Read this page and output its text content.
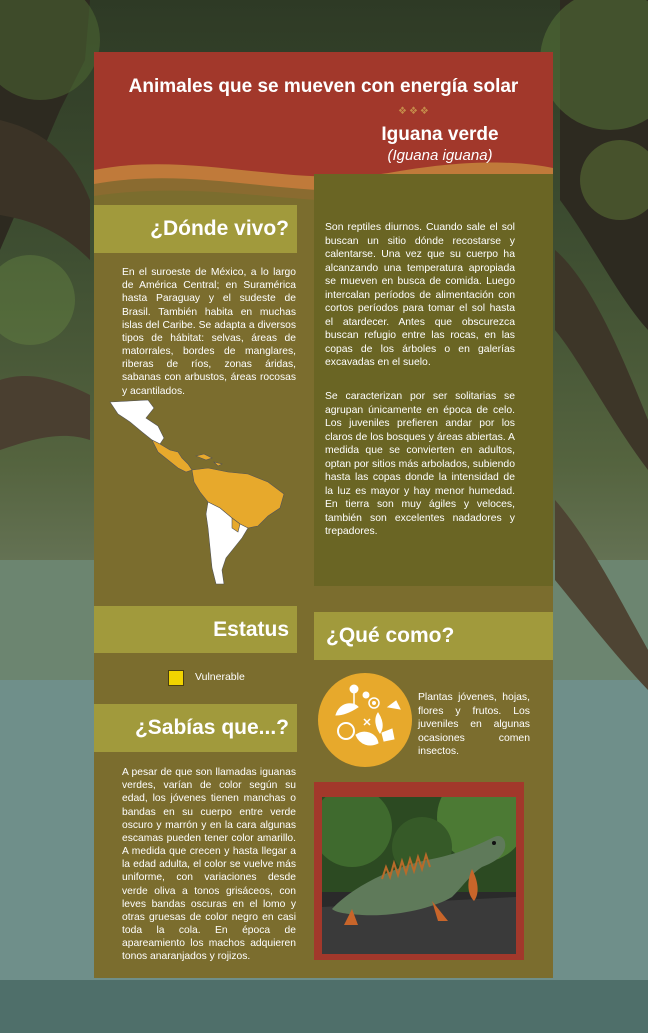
Animales que se mueven con energía solar
❖❖❖
Iguana verde
(Iguana iguana)
¿Dónde vivo?

En el suroeste de México, a lo largo de América Central; en Suramérica hasta Paraguay y el sudeste de Brasil. También habita en muchas islas del Caribe. Se adapta a diversos tipos de hábitat: selvas, áreas de matorrales, bordes de manglares, riberas de ríos, zonas áridas, sabanas con arbustos, áreas rocosas y acantilados.

Son reptiles diurnos. Cuando sale el sol buscan un sitio dónde recostarse y calentarse. Una vez que su cuerpo ha alcanzando una temperatura apropiada se mueven en busca de comida. Luego intercalan períodos de alimentación con cortos períodos para tomar el sol hasta el atardecer. Antes que obscurezca buscan refugio entre las rocas, en las copas de los árboles o en galerías excavadas en el suelo.

Se caracterizan por ser solitarias se agrupan únicamente en época de celo. Los juveniles prefieren andar por los claros de los bosques y áreas abiertas. A medida que se convierten en adultos, optan por sitios más arbolados, subiendo hasta las copas donde la intensidad de la luz es mayor y hay menor humedad. En tierra son muy ágiles y veloces, también son excelentes nadadores y trepadores.

Estatus
Vulnerable
¿Qué como?

Plantas jóvenes, hojas, flores y frutos. Los juveniles en algunas ocasiones comen insectos.

¿Sabías que...?

A pesar de que son llamadas iguanas verdes, varían de color según su edad, los jóvenes tienen manchas o bandas en su cuerpo entre verde oscuro y marrón y en la cara algunas escamas pueden tener color amarillo. A medida que crecen y hasta llegar a la edad adulta, el color se vuelve más uniforme, con variaciones desde verde oliva a tonos grisáceos, con leves bandas oscuras en el lomo y otras gruesas de color negro en casi toda la cola. En época de apareamiento los machos adquieren tonos anaranjados y rojizos.
